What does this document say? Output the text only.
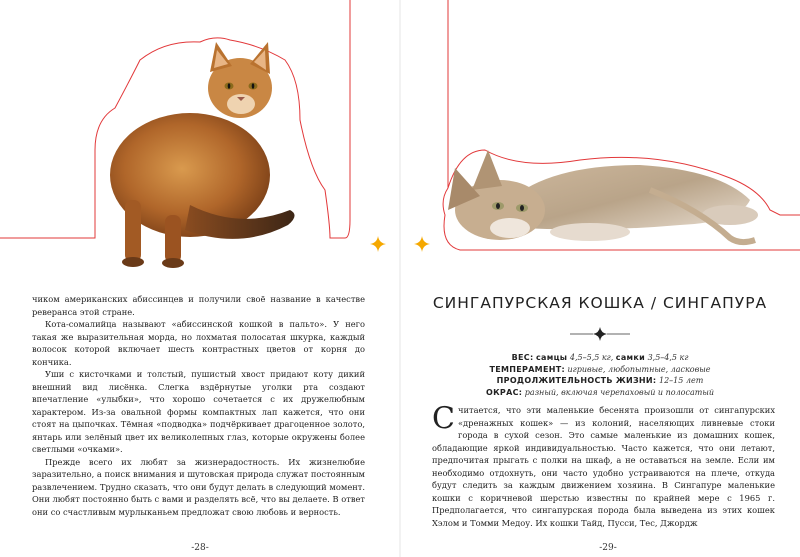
чиком американских абиссинцев и получили своё название в качестве реверанса этой стране.

Кота-сомалийца называют «абиссинской кошкой в пальто». У него такая же выразительная морда, но лохматая полосатая шкурка, каждый волосок которой включает шесть контрастных цветов от корня до кончика.

Уши с кисточками и толстый, пушистый хвост придают коту дикий внешний вид лисёнка. Слегка вздёрнутые уголки рта создают впечатление «улыбки», что хорошо сочетается с их дружелюбным характером. Из-за овальной формы компактных лап кажется, что они стоят на цыпочках. Тёмная «подводка» подчёркивает драгоценное золото, янтарь или зелёный цвет их великолепных глаз, которые окружены более светлыми «очками».

Прежде всего их любят за жизнерадостность. Их жизнелюбие заразительно, а поиск внимания и шутовская природа служат постоянным развлечением. Трудно сказать, что они будут делать в следующий момент. Они любят постоянно быть с вами и разделять всё, что вы делаете. В ответ они со счастливым мурлыканьем предложат свою любовь и верность.

-28-
СИНГАПУРСКАЯ КОШКА / СИНГАПУРА
ВЕС: самцы 4,5–5,5 кг, самки 3,5–4,5 кг
ТЕМПЕРАМЕНТ: игривые, любопытные, ласковые
ПРОДОЛЖИТЕЛЬНОСТЬ ЖИЗНИ: 12–15 лет
ОКРАС: разный, включая черепаховый и полосатый

Считается, что эти маленькие бесенята произошли от сингапурских «дренажных кошек» — из колоний, населяющих ливневые стоки города в сухой сезон. Это самые маленькие из домашних кошек, обладающие яркой индивидуальностью. Часто кажется, что они летают, предпочитая прыгать с полки на шкаф, а не оставаться на земле. Если им необходимо отдохнуть, они часто удобно устраиваются на плече, откуда будут следить за каждым движением хозяина. В Сингапуре маленькие кошки с коричневой шерстью известны по крайней мере с 1965 г. Предполагается, что сингапурская порода была выведена из этих кошек Хэлом и Томми Медоу. Их кошки Тайд, Пусси, Тес, Джордж

-29-
